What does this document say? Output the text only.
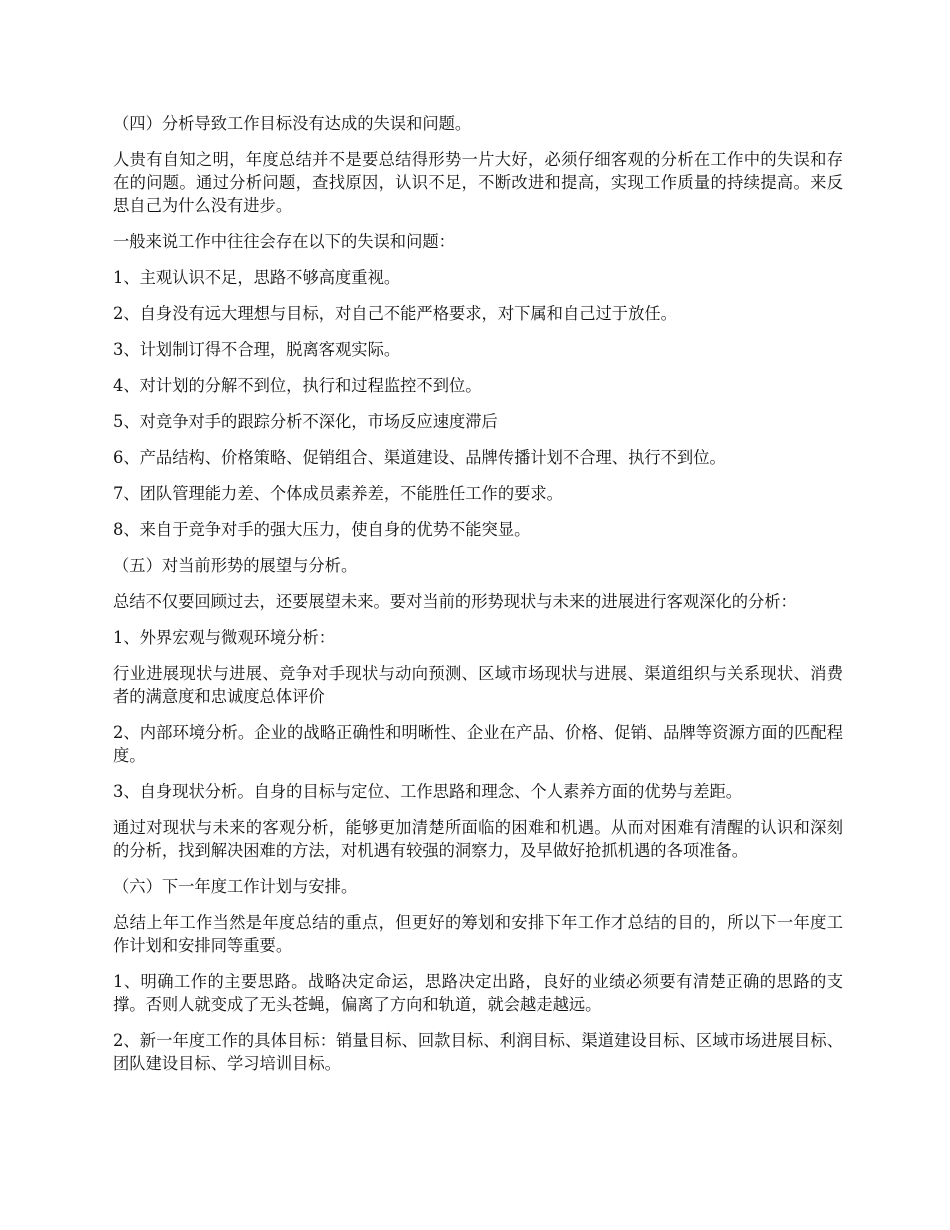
（四）分析导致工作目标没有达成的失误和问题。

人贵有自知之明，年度总结并不是要总结得形势一片大好，必须仔细客观的分析在工作中的失误和存在的问题。通过分析问题，查找原因，认识不足，不断改进和提高，实现工作质量的持续提高。来反思自己为什么没有进步。

一般来说工作中往往会存在以下的失误和问题：

1、主观认识不足，思路不够高度重视。

2、自身没有远大理想与目标，对自己不能严格要求，对下属和自己过于放任。

3、计划制订得不合理，脱离客观实际。

4、对计划的分解不到位，执行和过程监控不到位。

5、对竞争对手的跟踪分析不深化，市场反应速度滞后

6、产品结构、价格策略、促销组合、渠道建设、品牌传播计划不合理、执行不到位。

7、团队管理能力差、个体成员素养差，不能胜任工作的要求。

8、来自于竞争对手的强大压力，使自身的优势不能突显。

（五）对当前形势的展望与分析。

总结不仅要回顾过去，还要展望未来。要对当前的形势现状与未来的进展进行客观深化的分析：

1、外界宏观与微观环境分析：

行业进展现状与进展、竞争对手现状与动向预测、区域市场现状与进展、渠道组织与关系现状、消费者的满意度和忠诚度总体评价

2、内部环境分析。企业的战略正确性和明晰性、企业在产品、价格、促销、品牌等资源方面的匹配程度。

3、自身现状分析。自身的目标与定位、工作思路和理念、个人素养方面的优势与差距。

通过对现状与未来的客观分析，能够更加清楚所面临的困难和机遇。从而对困难有清醒的认识和深刻的分析，找到解决困难的方法，对机遇有较强的洞察力，及早做好抢抓机遇的各项准备。

（六）下一年度工作计划与安排。

总结上年工作当然是年度总结的重点，但更好的筹划和安排下年工作才总结的目的，所以下一年度工作计划和安排同等重要。

1、明确工作的主要思路。战略决定命运，思路决定出路，良好的业绩必须要有清楚正确的思路的支撑。否则人就变成了无头苍蝇，偏离了方向和轨道，就会越走越远。

2、新一年度工作的具体目标：销量目标、回款目标、利润目标、渠道建设目标、区域市场进展目标、团队建设目标、学习培训目标。
